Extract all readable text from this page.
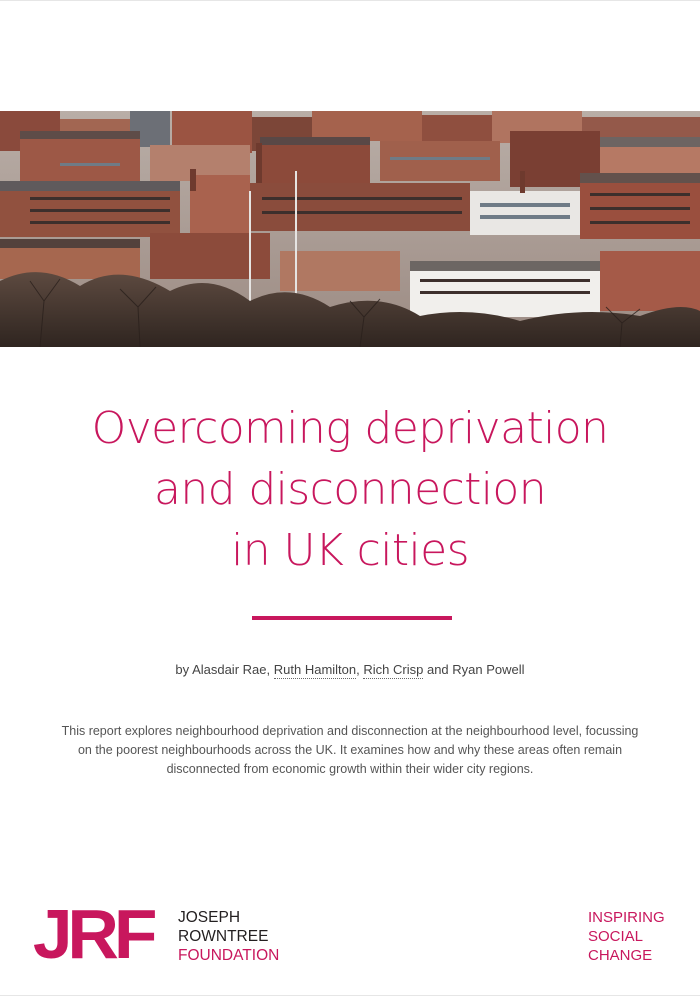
Overcoming deprivation
and disconnection
in UK cities
by Alasdair Rae, Ruth Hamilton, Rich Crisp and Ryan Powell

This report explores neighbourhood deprivation and disconnection at the neighbourhood level, focussing on the poorest neighbourhoods across the UK. It examines how and why these areas often remain disconnected from economic growth within their wider city regions.

JRF JOSEPH
ROWNTREE
FOUNDATION
INSPIRING
SOCIAL
CHANGE
